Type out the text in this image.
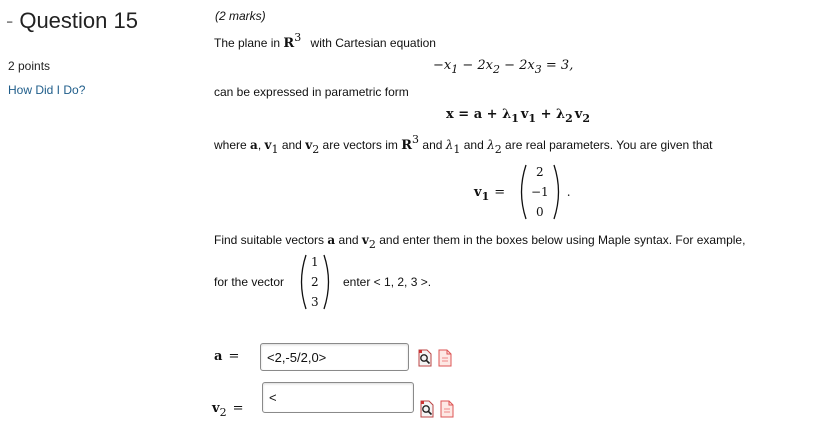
- Question 15
2 points
How Did I Do?
(2 marks)
The plane in R3 with Cartesian equation
$-x_1 - 2x_2 - 2x_3 = 3$,
can be expressed in parametric form
$x = a + \lambda_1$ $v_1 + \lambda_2$ $v_2$
where a, v1 and v2 are vectors im R3 and λ1 and λ2 are real parameters. You are given that
$v_1$ =
2
−1
0
.
Find suitable vectors a and v2 and enter them in the boxes below using Maple syntax. For example,
for the vector
1
2
3
enter < 1, 2, 3 >.
a =
<2,-5/2,0>
$v_2$ =
<
